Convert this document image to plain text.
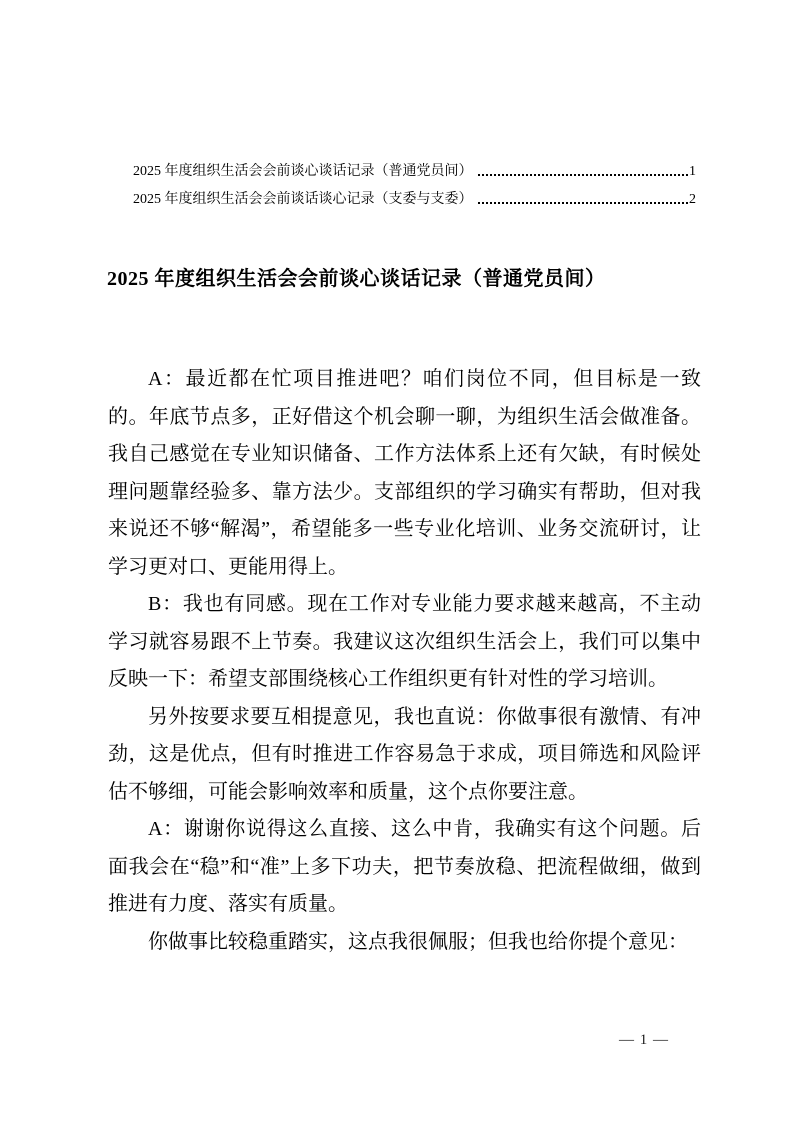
2025 年度组织生活会会前谈心谈话记录（普通党员间）	1
2025 年度组织生活会会前谈话谈心记录（支委与支委）	2
2025 年度组织生活会会前谈心谈话记录（普通党员间）

A：最近都在忙项目推进吧？咱们岗位不同，但目标是一致的。年底节点多，正好借这个机会聊一聊，为组织生活会做准备。我自己感觉在专业知识储备、工作方法体系上还有欠缺，有时候处理问题靠经验多、靠方法少。支部组织的学习确实有帮助，但对我来说还不够“解渴”，希望能多一些专业化培训、业务交流研讨，让学习更对口、更能用得上。

B：我也有同感。现在工作对专业能力要求越来越高，不主动学习就容易跟不上节奏。我建议这次组织生活会上，我们可以集中反映一下：希望支部围绕核心工作组织更有针对性的学习培训。

另外按要求要互相提意见，我也直说：你做事很有激情、有冲劲，这是优点，但有时推进工作容易急于求成，项目筛选和风险评估不够细，可能会影响效率和质量，这个点你要注意。

A：谢谢你说得这么直接、这么中肯，我确实有这个问题。后面我会在“稳”和“准”上多下功夫，把节奏放稳、把流程做细，做到推进有力度、落实有质量。

你做事比较稳重踏实，这点我很佩服；但我也给你提个意见：

— 1 —
